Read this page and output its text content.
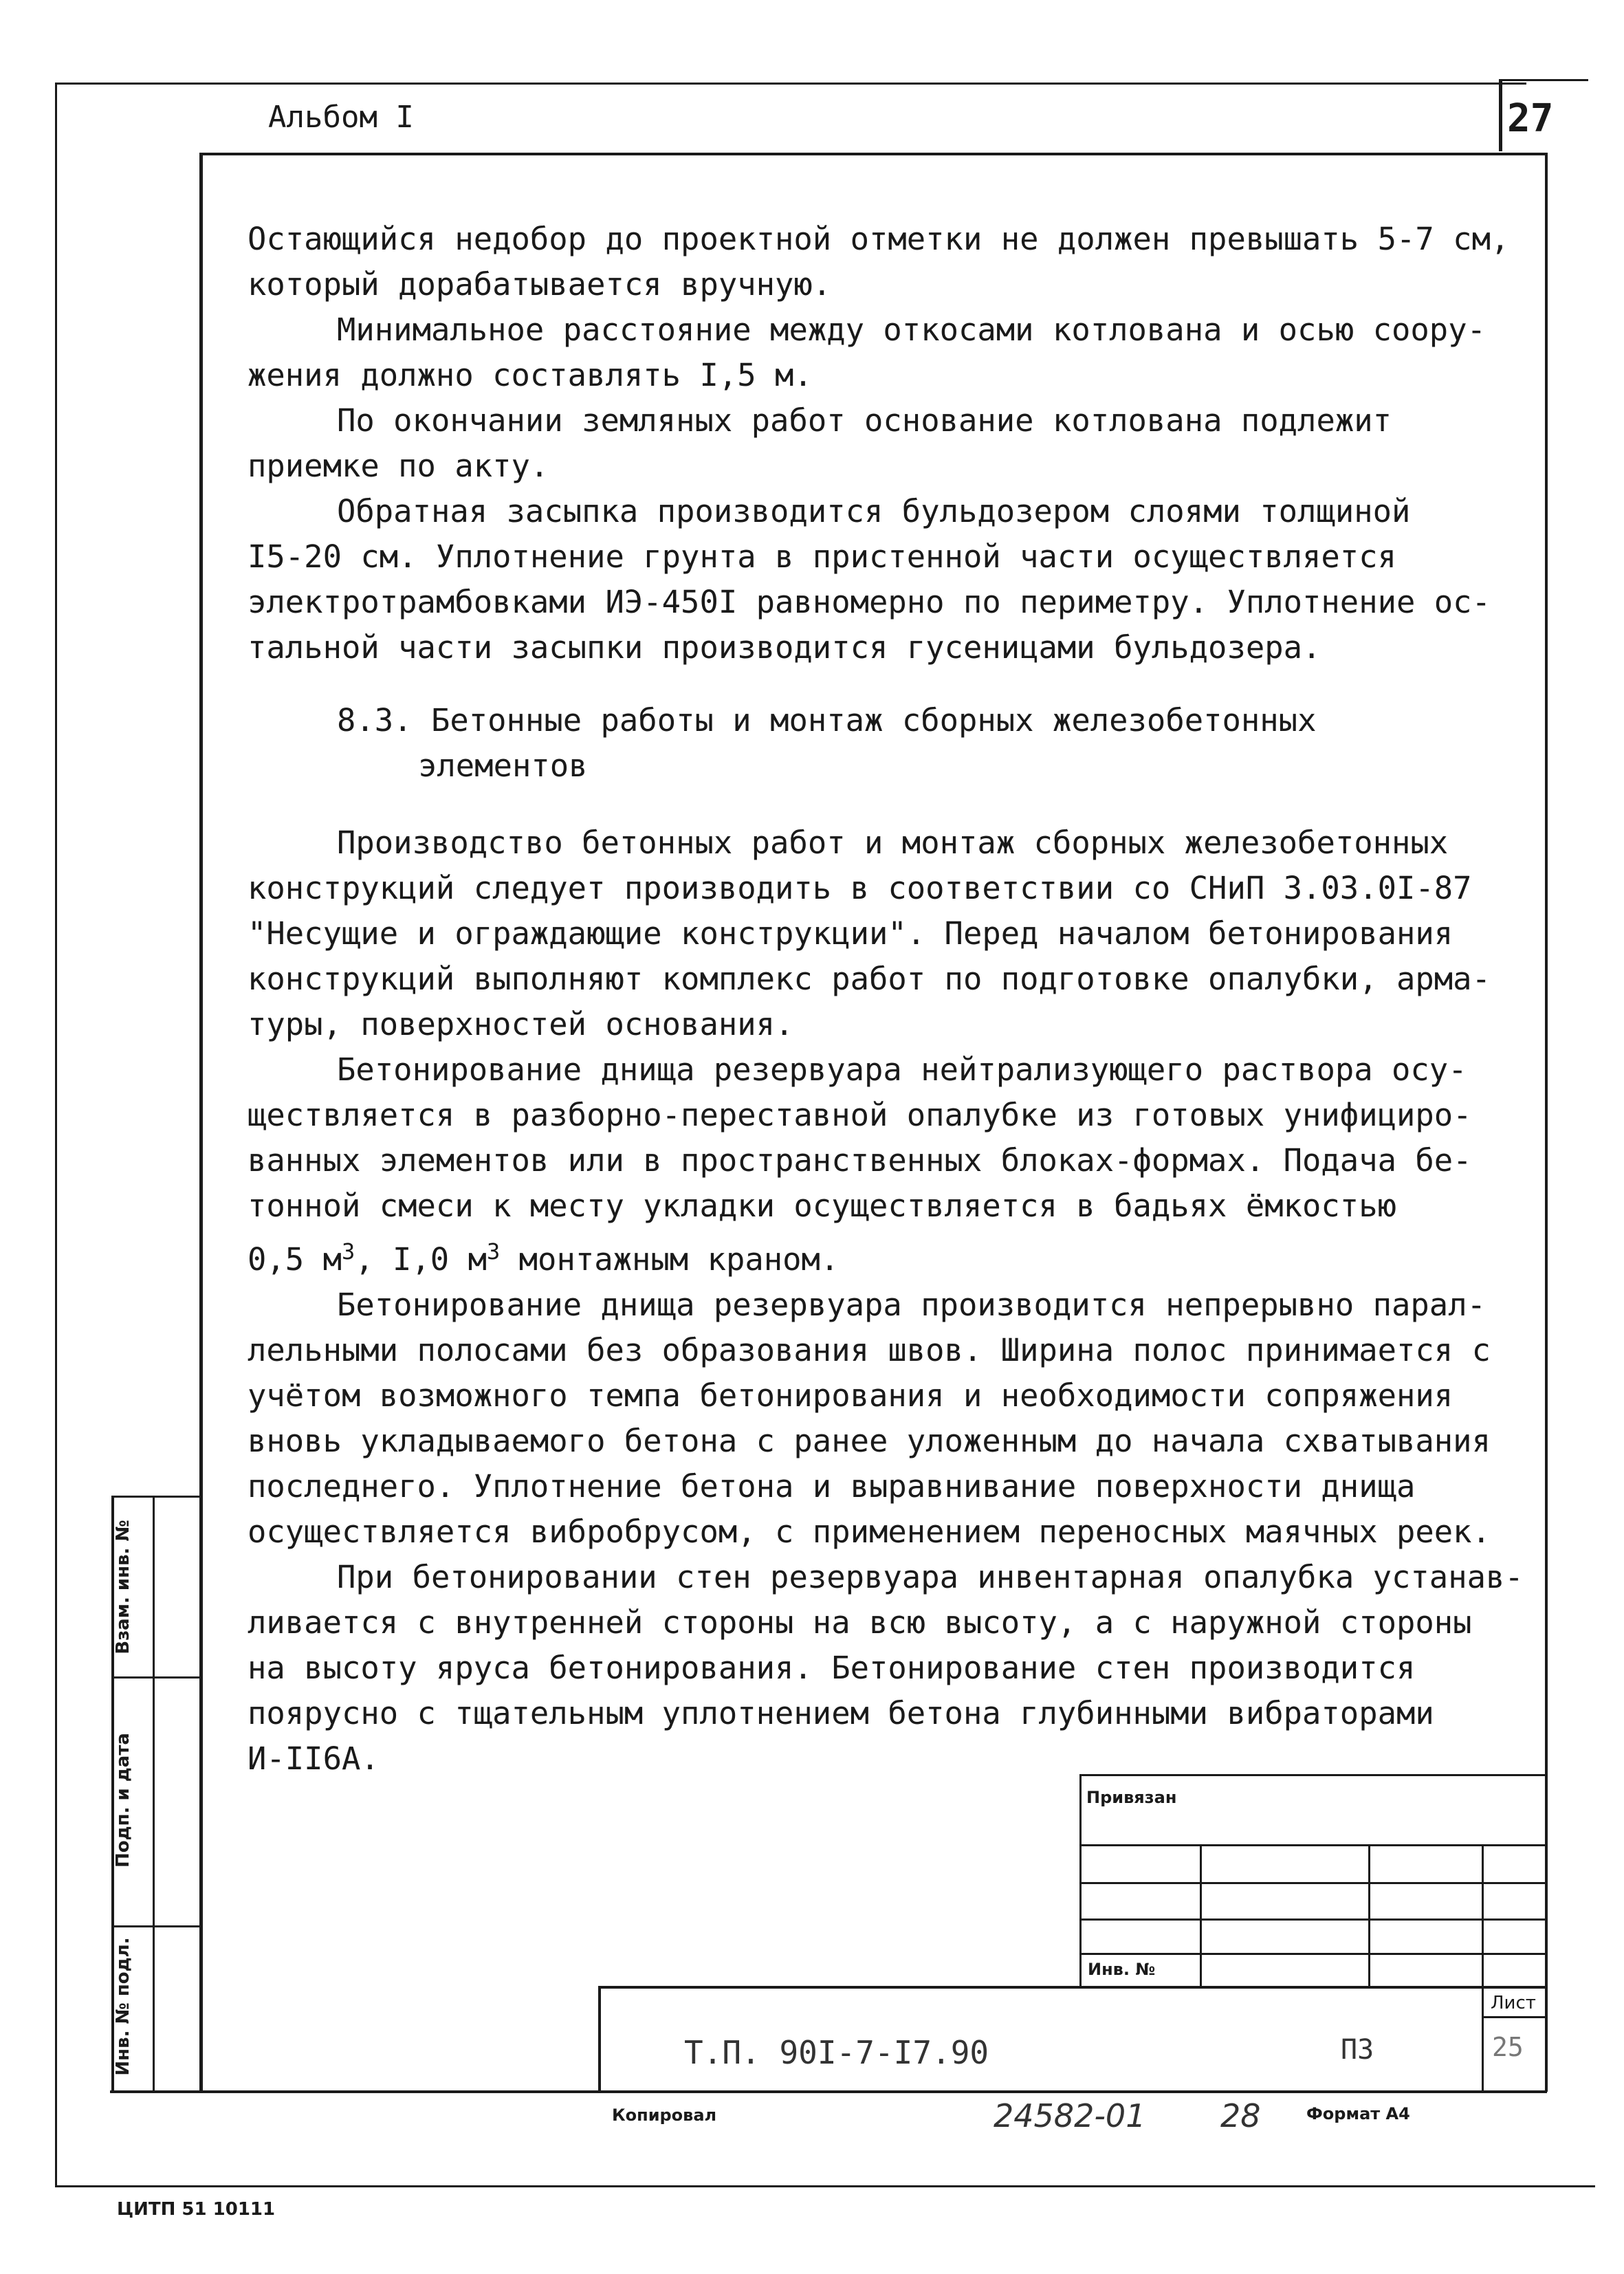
Альбом I	27

Остающийся недобор до проектной отметки не должен превышать 5-7 см,

который дорабатывается вручную.

Минимальное расстояние между откосами котлована и осью соору-

жения должно составлять I,5 м.

По окончании земляных работ основание котлована подлежит

приемке по акту.

Обратная засыпка производится бульдозером слоями толщиной

I5-20 см. Уплотнение грунта в пристенной части осуществляется

электротрамбовками ИЭ-450I равномерно по периметру. Уплотнение ос-

тальной части засыпки производится гусеницами бульдозера.

8.3. Бетонные работы и монтаж сборных железобетонных

элементов

Производство бетонных работ и монтаж сборных железобетонных

конструкций следует производить в соответствии со СНиП 3.03.0I-87

"Несущие и ограждающие конструкции". Перед началом бетонирования

конструкций выполняют комплекс работ по подготовке опалубки, арма-

туры, поверхностей основания.

Бетонирование днища резервуара нейтрализующего раствора осу-

ществляется в разборно-переставной опалубке из готовых унифициро-

ванных элементов или в пространственных блоках-формах. Подача бе-

тонной смеси к месту укладки осуществляется в бадьях ёмкостью

0,5 $м^3$, I,0 $м^3$ монтажным краном.

Бетонирование днища резервуара производится непрерывно парал-

лельными полосами без образования швов. Ширина полос принимается с

учётом возможного темпа бетонирования и необходимости сопряжения

вновь укладываемого бетона с ранее уложенным до начала схватывания

последнего. Уплотнение бетона и выравнивание поверхности днища

осуществляется вибробрусом, с применением переносных маячных реек.

При бетонировании стен резервуара инвентарная опалубка устанав-

ливается с внутренней стороны на всю высоту, а с наружной стороны

на высоту яруса бетонирования. Бетонирование стен производится

поярусно с тщательным уплотнением бетона глубинными вибраторами

И-II6А.

Взам. инв. №
Подп. и дата
Инв. № подл.
Привязан
Инв. №
Т.П. 90I-7-I7.90	ПЗ
Лист
25
Копировал	24582-01 28	Формат А4
ЦИТП 51 10111
